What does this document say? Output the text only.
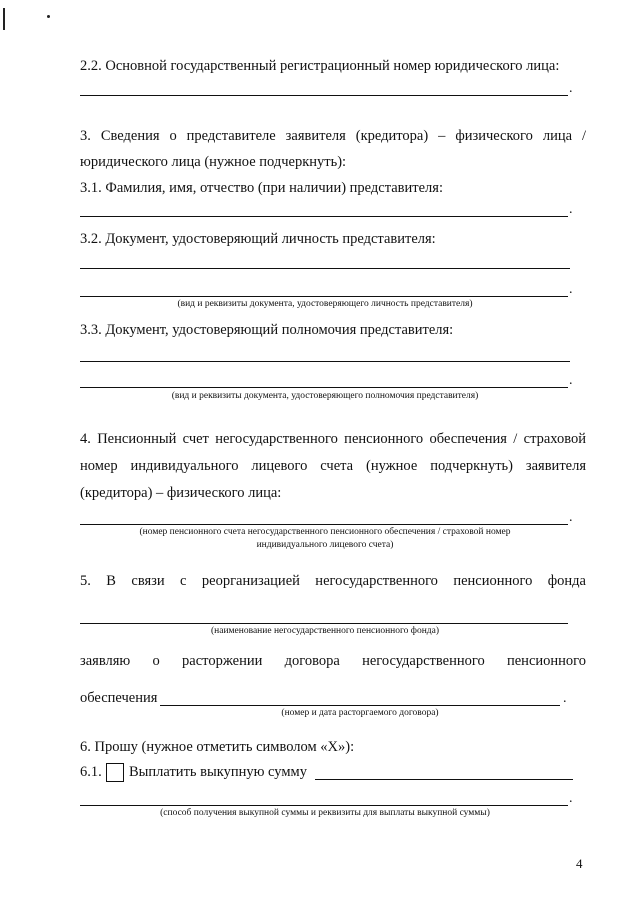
2.2. Основной государственный регистрационный номер юридического лица:
.
3. Сведения о представителе заявителя (кредитора) – физического лица /
юридического лица (нужное подчеркнуть):
3.1. Фамилия, имя, отчество (при наличии) представителя:
.
3.2. Документ, удостоверяющий личность представителя:
.
(вид и реквизиты документа, удостоверяющего личность представителя)
3.3. Документ, удостоверяющий полномочия представителя:
.
(вид и реквизиты документа, удостоверяющего полномочия представителя)
4. Пенсионный счет негосударственного пенсионного обеспечения / страховой
номер индивидуального лицевого счета (нужное подчеркнуть) заявителя
(кредитора) – физического лица:
.
(номер пенсионного счета негосударственного пенсионного обеспечения / страховой номер
индивидуального лицевого счета)
5. В связи с реорганизацией негосударственного пенсионного фонда
(наименование негосударственного пенсионного фонда)
заявляю о расторжении договора негосударственного пенсионного
обеспечения	.
(номер и дата расторгаемого договора)
6. Прошу (нужное отметить символом «Х»):
6.1. Выплатить выкупную сумму
.
(способ получения выкупной суммы и реквизиты для выплаты выкупной суммы)
4
